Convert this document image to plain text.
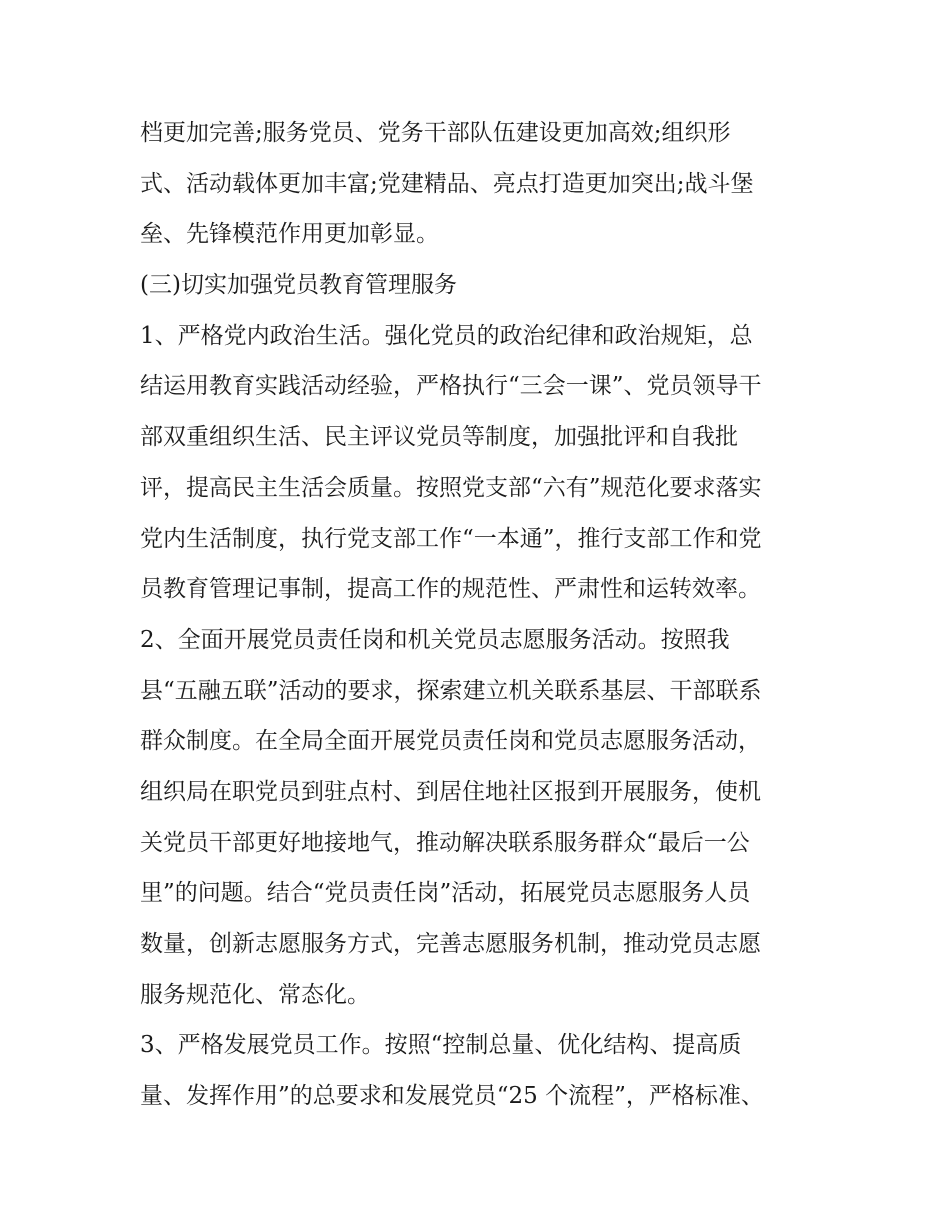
档更加完善;服务党员、党务干部队伍建设更加高效;组织形
式、活动载体更加丰富;党建精品、亮点打造更加突出;战斗堡
垒、先锋模范作用更加彰显。
(三)切实加强党员教育管理服务
1、严格党内政治生活。强化党员的政治纪律和政治规矩，总
结运用教育实践活动经验，严格执行“三会一课”、党员领导干
部双重组织生活、民主评议党员等制度，加强批评和自我批
评，提高民主生活会质量。按照党支部“六有”规范化要求落实
党内生活制度，执行党支部工作“一本通”，推行支部工作和党
员教育管理记事制，提高工作的规范性、严肃性和运转效率。
2、全面开展党员责任岗和机关党员志愿服务活动。按照我
县“五融五联”活动的要求，探索建立机关联系基层、干部联系
群众制度。在全局全面开展党员责任岗和党员志愿服务活动，
组织局在职党员到驻点村、到居住地社区报到开展服务，使机
关党员干部更好地接地气，推动解决联系服务群众“最后一公
里”的问题。结合“党员责任岗”活动，拓展党员志愿服务人员
数量，创新志愿服务方式，完善志愿服务机制，推动党员志愿
服务规范化、常态化。
3、严格发展党员工作。按照“控制总量、优化结构、提高质
量、发挥作用”的总要求和发展党员“25 个流程”，严格标准、
